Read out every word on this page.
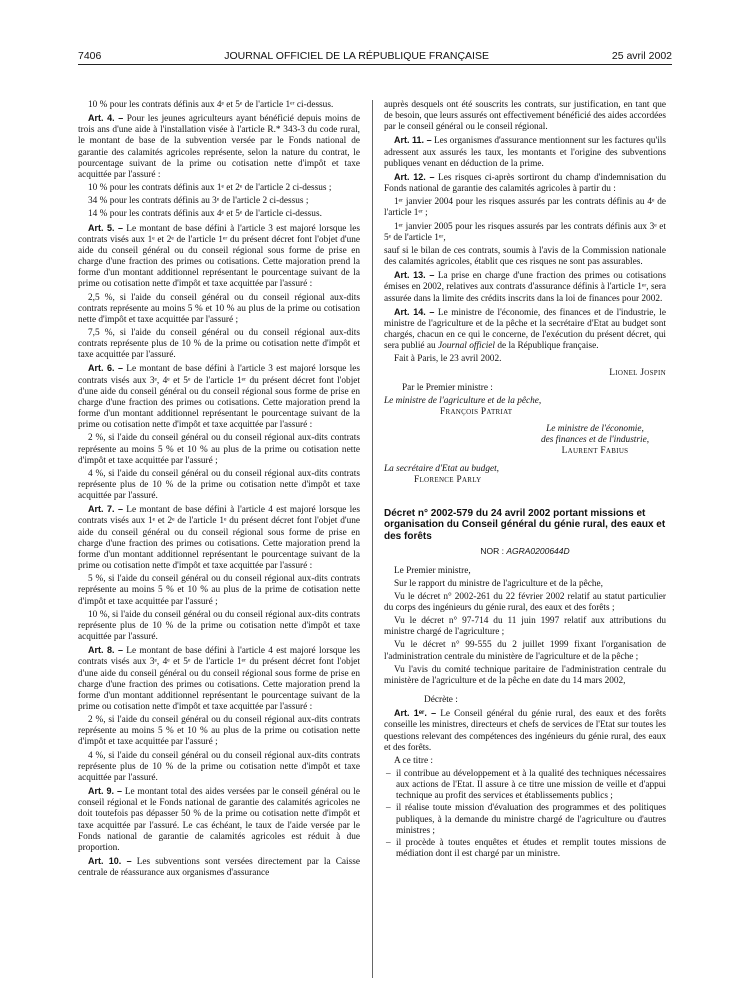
7406	JOURNAL OFFICIEL DE LA RÉPUBLIQUE FRANÇAISE	25 avril 2002

10 % pour les contrats définis aux 4ᵉ et 5ᵉ de l'article 1ᵉʳ ci-dessus.

Art. 4. – Pour les jeunes agriculteurs ayant bénéficié depuis moins de trois ans d'une aide à l'installation visée à l'article R.* 343-3 du code rural, le montant de base de la subvention versée par le Fonds national de garantie des calamités agricoles représente, selon la nature du contrat, le pourcentage suivant de la prime ou cotisation nette d'impôt et taxe acquittée par l'assuré :

10 % pour les contrats définis aux 1ᵉ et 2ᵉ de l'article 2 ci-dessus ;

34 % pour les contrats définis au 3ᵉ de l'article 2 ci-dessus ;

14 % pour les contrats définis aux 4ᵉ et 5ᵉ de l'article ci-dessus.

Art. 5. – Le montant de base défini à l'article 3 est majoré lorsque les contrats visés aux 1ᵉ et 2ᵉ de l'article 1ᵉʳ du présent décret font l'objet d'une aide du conseil général ou du conseil régional sous forme de prise en charge d'une fraction des primes ou cotisations. Cette majoration prend la forme d'un montant additionnel représentant le pourcentage suivant de la prime ou cotisation nette d'impôt et taxe acquittée par l'assuré :

2,5 %, si l'aide du conseil général ou du conseil régional aux-dits contrats représente au moins 5 % et 10 % au plus de la prime ou cotisation nette d'impôt et taxe acquittée par l'assuré ;

7,5 %, si l'aide du conseil général ou du conseil régional aux-dits contrats représente plus de 10 % de la prime ou cotisation nette d'impôt et taxe acquittée par l'assuré.

Art. 6. – Le montant de base défini à l'article 3 est majoré lorsque les contrats visés aux 3ᵉ, 4ᵉ et 5ᵉ de l'article 1ᵉʳ du présent décret font l'objet d'une aide du conseil général ou du conseil régional sous forme de prise en charge d'une fraction des primes ou cotisations. Cette majoration prend la forme d'un montant additionnel représentant le pourcentage suivant de la prime ou cotisation nette d'impôt et taxe acquittée par l'assuré :

2 %, si l'aide du conseil général ou du conseil régional aux-dits contrats représente au moins 5 % et 10 % au plus de la prime ou cotisation nette d'impôt et taxe acquittée par l'assuré ;

4 %, si l'aide du conseil général ou du conseil régional aux-dits contrats représente plus de 10 % de la prime ou cotisation nette d'impôt et taxe acquittée par l'assuré.

Art. 7. – Le montant de base défini à l'article 4 est majoré lorsque les contrats visés aux 1ᵉ et 2ᵉ de l'article 1ᵉ du présent décret font l'objet d'une aide du conseil général ou du conseil régional sous forme de prise en charge d'une fraction des primes ou cotisations. Cette majoration prend la forme d'un montant additionnel représentant le pourcentage suivant de la prime ou cotisation nette d'impôt et taxe acquittée par l'assuré :

5 %, si l'aide du conseil général ou du conseil régional aux-dits contrats représente au moins 5 % et 10 % au plus de la prime de cotisation nette d'impôt et taxe acquittée par l'assuré ;

10 %, si l'aide du conseil général ou du conseil régional aux-dits contrats représente plus de 10 % de la prime ou cotisation nette d'impôt et taxe acquittée par l'assuré.

Art. 8. – Le montant de base défini à l'article 4 est majoré lorsque les contrats visés aux 3ᵉ, 4ᵉ et 5ᵉ de l'article 1ᵉʳ du présent décret font l'objet d'une aide du conseil général ou du conseil régional sous forme de prise en charge d'une fraction des primes ou cotisations. Cette majoration prend la forme d'un montant additionnel représentant le pourcentage suivant de la prime ou cotisation nette d'impôt et taxe acquittée par l'assuré :

2 %, si l'aide du conseil général ou du conseil régional aux-dits contrats représente au moins 5 % et 10 % au plus de la prime ou cotisation nette d'impôt et taxe acquittée par l'assuré ;

4 %, si l'aide du conseil général ou du conseil régional aux-dits contrats représente plus de 10 % de la prime ou cotisation nette d'impôt et taxe acquittée par l'assuré.

Art. 9. – Le montant total des aides versées par le conseil général ou le conseil régional et le Fonds national de garantie des calamités agricoles ne doit toutefois pas dépasser 50 % de la prime ou cotisation nette d'impôt et taxe acquittée par l'assuré. Le cas échéant, le taux de l'aide versée par le Fonds national de garantie de calamités agricoles est réduit à due proportion.

Art. 10. – Les subventions sont versées directement par la Caisse centrale de réassurance aux organismes d'assurance

auprès desquels ont été souscrits les contrats, sur justification, en tant que de besoin, que leurs assurés ont effectivement bénéficié des aides accordées par le conseil général ou le conseil régional.

Art. 11. – Les organismes d'assurance mentionnent sur les factures qu'ils adressent aux assurés les taux, les montants et l'origine des subventions publiques venant en déduction de la prime.

Art. 12. – Les risques ci-après sortiront du champ d'indemnisation du Fonds national de garantie des calamités agricoles à partir du :

1ᵉʳ janvier 2004 pour les risques assurés par les contrats définis au 4ᵉ de l'article 1ᵉʳ ;

1ᵉʳ janvier 2005 pour les risques assurés par les contrats définis aux 3ᵉ et 5ᵉ de l'article 1ᵉʳ,

sauf si le bilan de ces contrats, soumis à l'avis de la Commission nationale des calamités agricoles, établit que ces risques ne sont pas assurables.

Art. 13. – La prise en charge d'une fraction des primes ou cotisations émises en 2002, relatives aux contrats d'assurance définis à l'article 1ᵉʳ, sera assurée dans la limite des crédits inscrits dans la loi de finances pour 2002.

Art. 14. – Le ministre de l'économie, des finances et de l'industrie, le ministre de l'agriculture et de la pêche et la secrétaire d'Etat au budget sont chargés, chacun en ce qui le concerne, de l'exécution du présent décret, qui sera publié au Journal officiel de la République française.

Fait à Paris, le 23 avril 2002.

Lionel Jospin
Par le Premier ministre :
Le ministre de l'agriculture et de la pêche,
François Patriat
Le ministre de l'économie,
des finances et de l'industrie,
Laurent Fabius
La secrétaire d'Etat au budget,
Florence Parly
Décret n° 2002-579 du 24 avril 2002 portant missions et organisation du Conseil général du génie rural, des eaux et des forêts
NOR : AGRA0200644D

Le Premier ministre,

Sur le rapport du ministre de l'agriculture et de la pêche,

Vu le décret n° 2002-261 du 22 février 2002 relatif au statut particulier du corps des ingénieurs du génie rural, des eaux et des forêts ;

Vu le décret n° 97-714 du 11 juin 1997 relatif aux attributions du ministre chargé de l'agriculture ;

Vu le décret n° 99-555 du 2 juillet 1999 fixant l'organisation de l'administration centrale du ministère de l'agriculture et de la pêche ;

Vu l'avis du comité technique paritaire de l'administration centrale du ministère de l'agriculture et de la pêche en date du 14 mars 2002,

Décrète :

Art. 1ᵉʳ. – Le Conseil général du génie rural, des eaux et des forêts conseille les ministres, directeurs et chefs de services de l'Etat sur toutes les questions relevant des compétences des ingénieurs du génie rural, des eaux et des forêts.

A ce titre :

– il contribue au développement et à la qualité des techniques nécessaires aux actions de l'Etat. Il assure à ce titre une mission de veille et d'appui technique au profit des services et établissements publics ;
– il réalise toute mission d'évaluation des programmes et des politiques publiques, à la demande du ministre chargé de l'agriculture ou d'autres ministres ;
– il procède à toutes enquêtes et études et remplit toutes missions de médiation dont il est chargé par un ministre.
